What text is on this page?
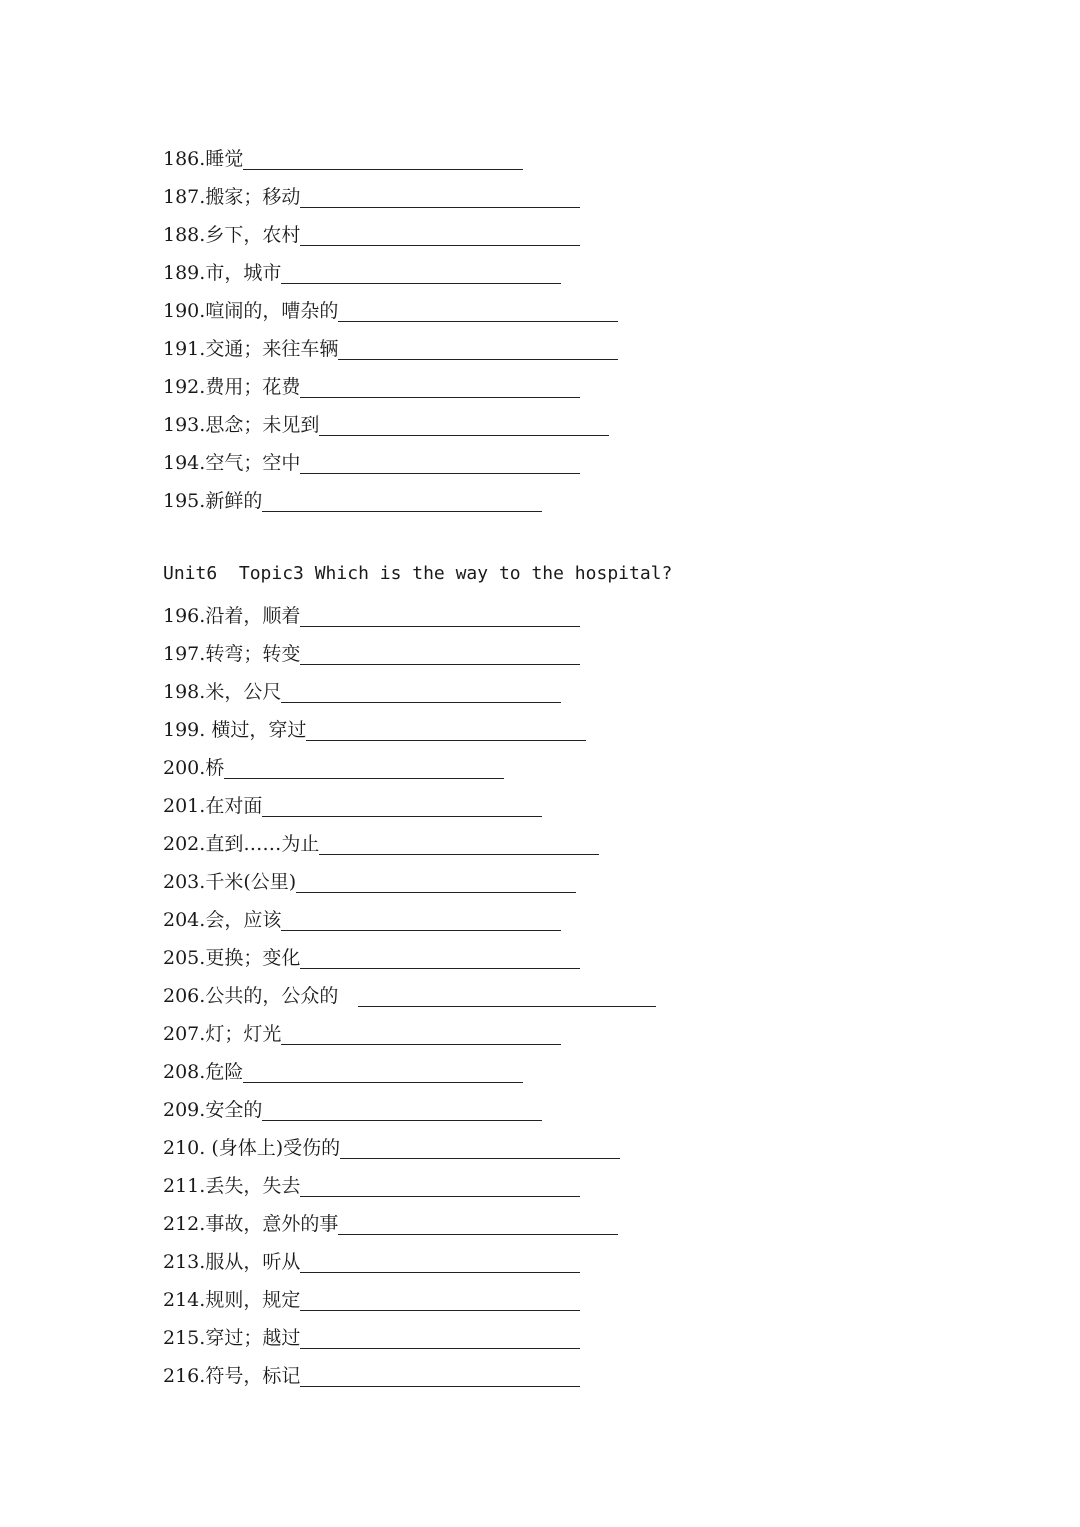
186. 睡觉
187. 搬家；移动
188. 乡下，农村
189. 市，城市
190. 喧闹的，嘈杂的
191. 交通；来往车辆
192. 费用；花费
193. 思念；未见到
194. 空气；空中
195. 新鲜的
Unit6  Topic3 Which is the way to the hospital?
196. 沿着，顺着
197. 转弯；转变
198. 米，公尺
199. 横过，穿过
200. 桥
201. 在对面
202. 直到……为止
203. 千米(公里)
204. 会，应该
205. 更换；变化
206. 公共的，公众的
207. 灯；灯光
208. 危险
209. 安全的
210. (身体上)受伤的
211. 丢失，失去
212. 事故，意外的事
213. 服从，听从
214. 规则，规定
215. 穿过；越过
216. 符号，标记
